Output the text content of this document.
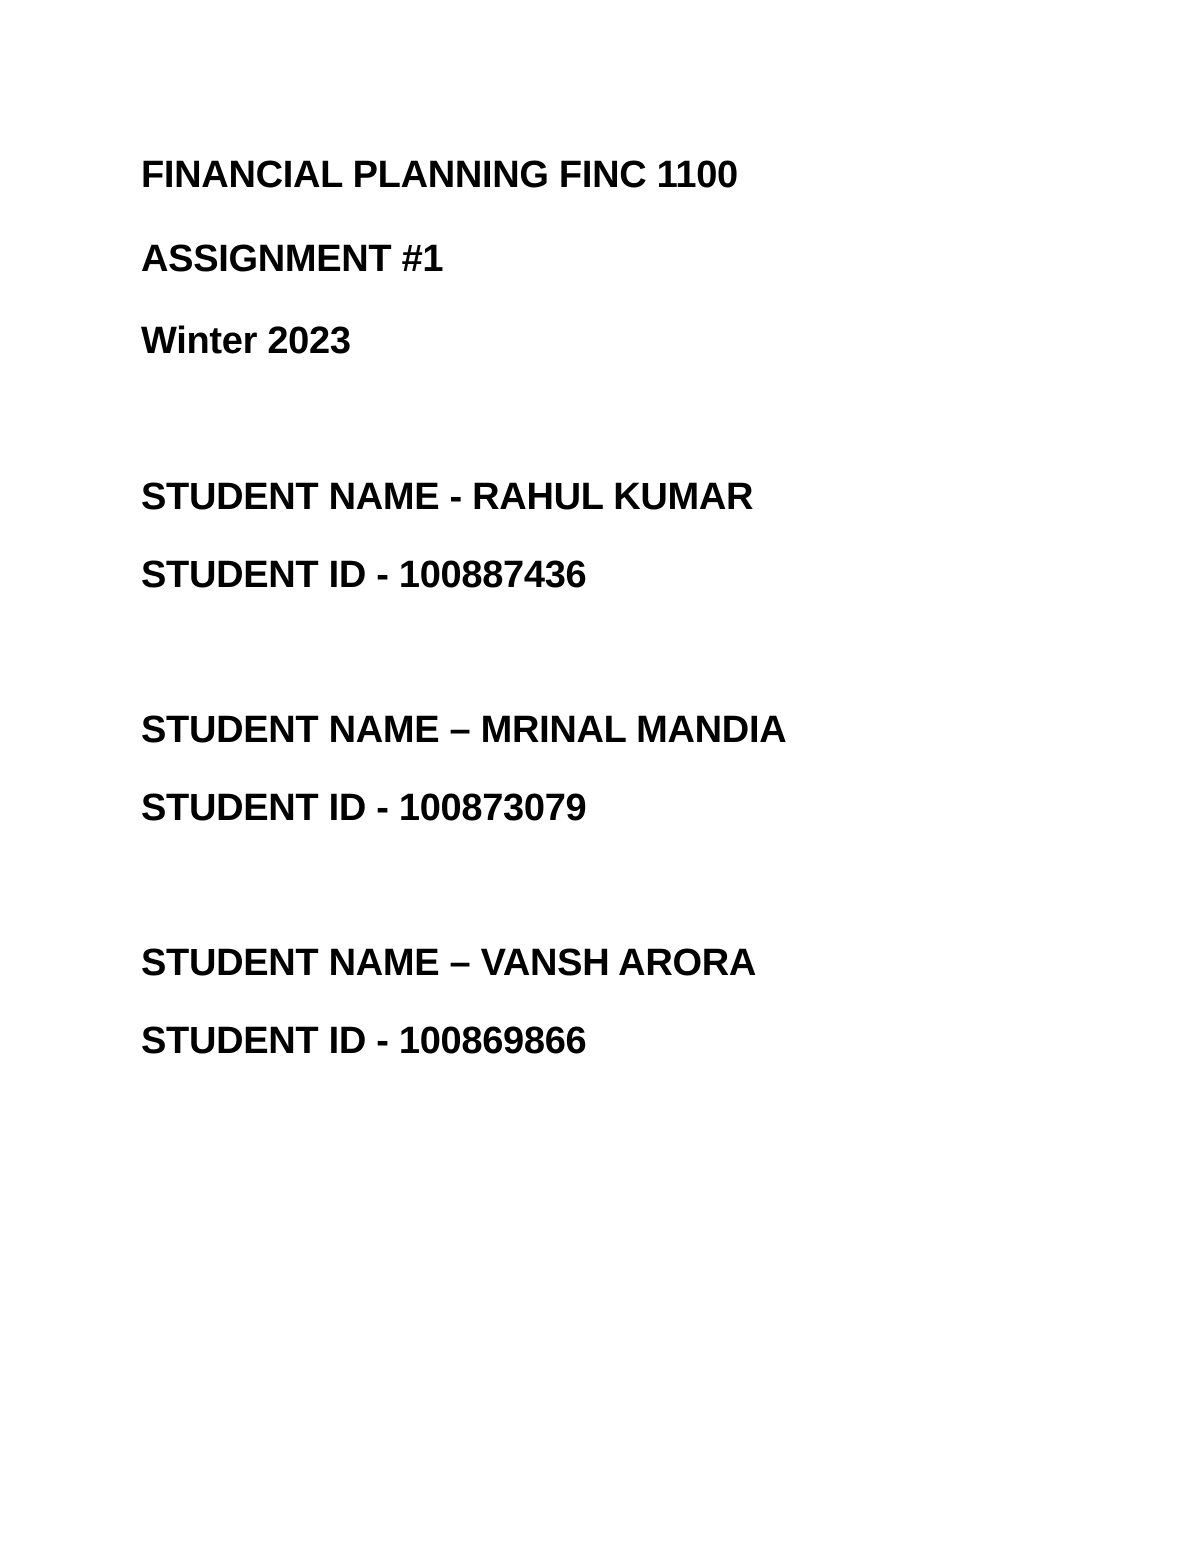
FINANCIAL PLANNING FINC 1100

ASSIGNMENT #1

Winter 2023

STUDENT NAME - RAHUL KUMAR

STUDENT ID - 100887436

STUDENT NAME – MRINAL MANDIA

STUDENT ID - 100873079

STUDENT NAME – VANSH ARORA

STUDENT ID - 100869866
